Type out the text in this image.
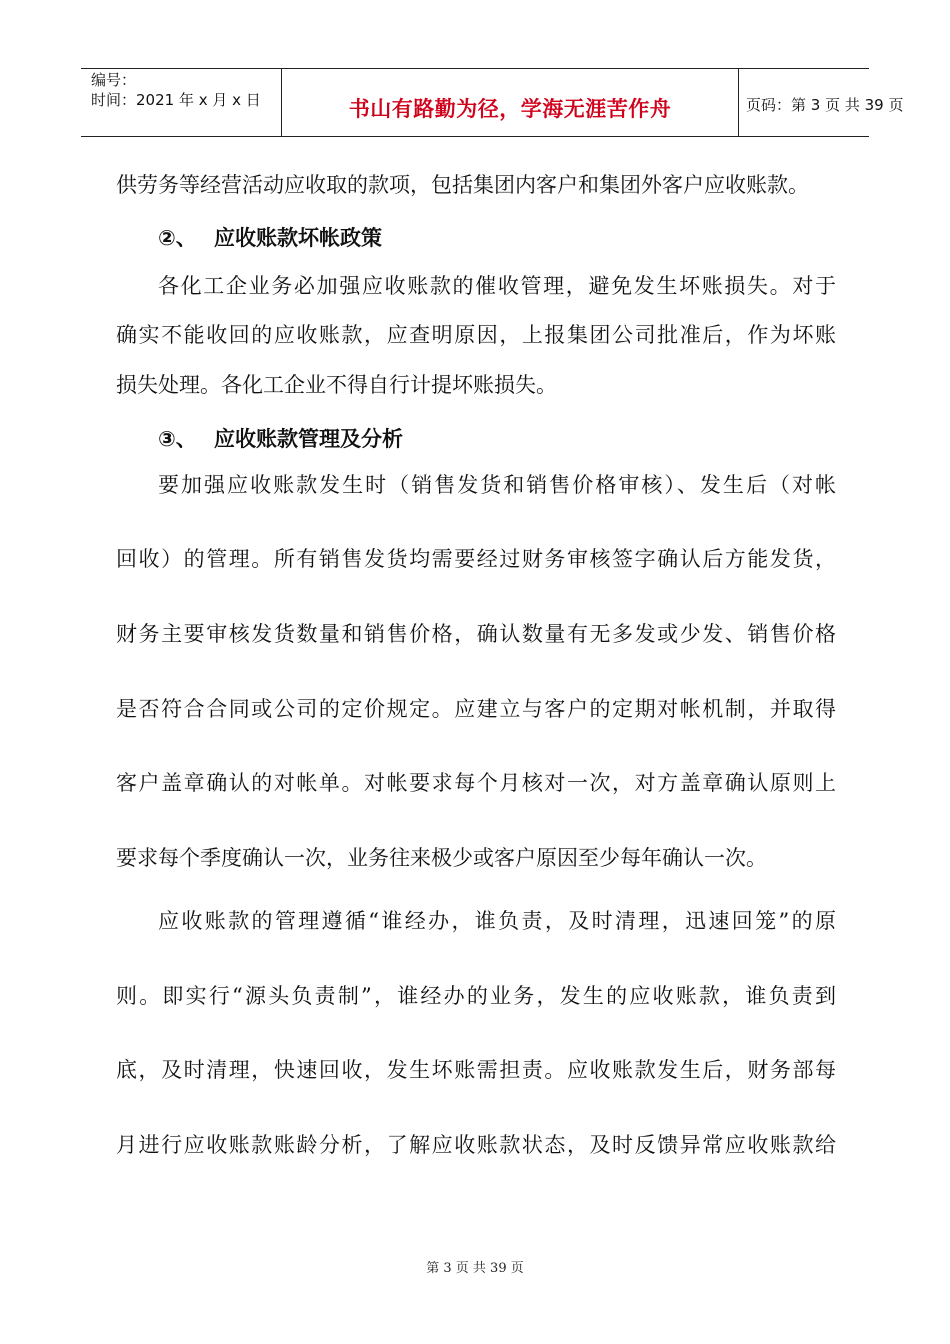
编号：
时间：2021 年 x 月 x 日	书山有路勤为径，学海无涯苦作舟	页码：第 3 页 共 39 页
供劳务等经营活动应收取的款项，包括集团内客户和集团外客户应收账款。
②、 应收账款坏帐政策
各化工企业务必加强应收账款的催收管理，避免发生坏账损失。对于
确实不能收回的应收账款，应查明原因，上报集团公司批准后，作为坏账
损失处理。各化工企业不得自行计提坏账损失。
③、 应收账款管理及分析
要加强应收账款发生时（销售发货和销售价格审核）、发生后（对帐
回收）的管理。所有销售发货均需要经过财务审核签字确认后方能发货，
财务主要审核发货数量和销售价格，确认数量有无多发或少发、销售价格
是否符合合同或公司的定价规定。应建立与客户的定期对帐机制，并取得
客户盖章确认的对帐单。对帐要求每个月核对一次，对方盖章确认原则上
要求每个季度确认一次，业务往来极少或客户原因至少每年确认一次。
应收账款的管理遵循“谁经办，谁负责，及时清理，迅速回笼”的原
则。即实行“源头负责制”，谁经办的业务，发生的应收账款，谁负责到
底，及时清理，快速回收，发生坏账需担责。应收账款发生后，财务部每
月进行应收账款账龄分析，了解应收账款状态，及时反馈异常应收账款给
第 3 页 共 39 页
